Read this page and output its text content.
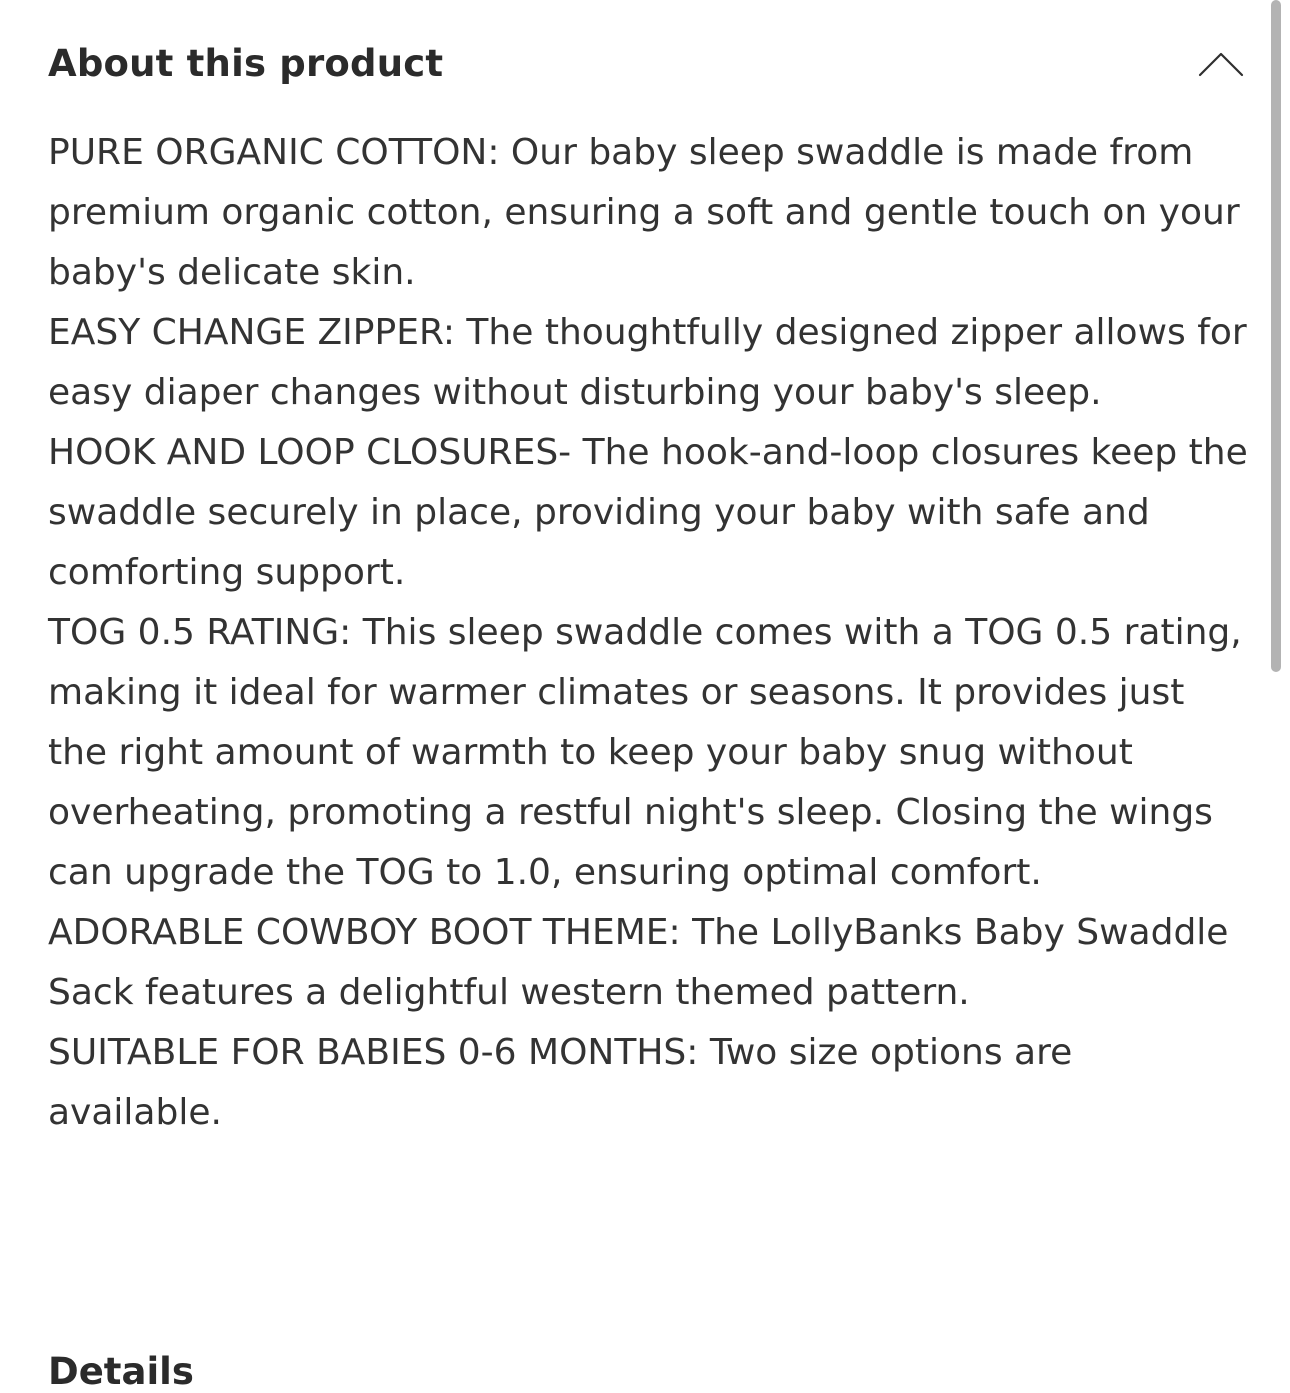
About this product

PURE ORGANIC COTTON: Our baby sleep swaddle is made from premium organic cotton, ensuring a soft and gentle touch on your baby's delicate skin.

EASY CHANGE ZIPPER: The thoughtfully designed zipper allows for easy diaper changes without disturbing your baby's sleep.

HOOK AND LOOP CLOSURES- The hook-and-loop closures keep the swaddle securely in place, providing your baby with safe and comforting support.

TOG 0.5 RATING: This sleep swaddle comes with a TOG 0.5 rating, making it ideal for warmer climates or seasons. It provides just the right amount of warmth to keep your baby snug without overheating, promoting a restful night's sleep. Closing the wings can upgrade the TOG to 1.0, ensuring optimal comfort.

ADORABLE COWBOY BOOT THEME: The LollyBanks Baby Swaddle Sack features a delightful western themed pattern.

SUITABLE FOR BABIES 0-6 MONTHS: Two size options are available.

Details
